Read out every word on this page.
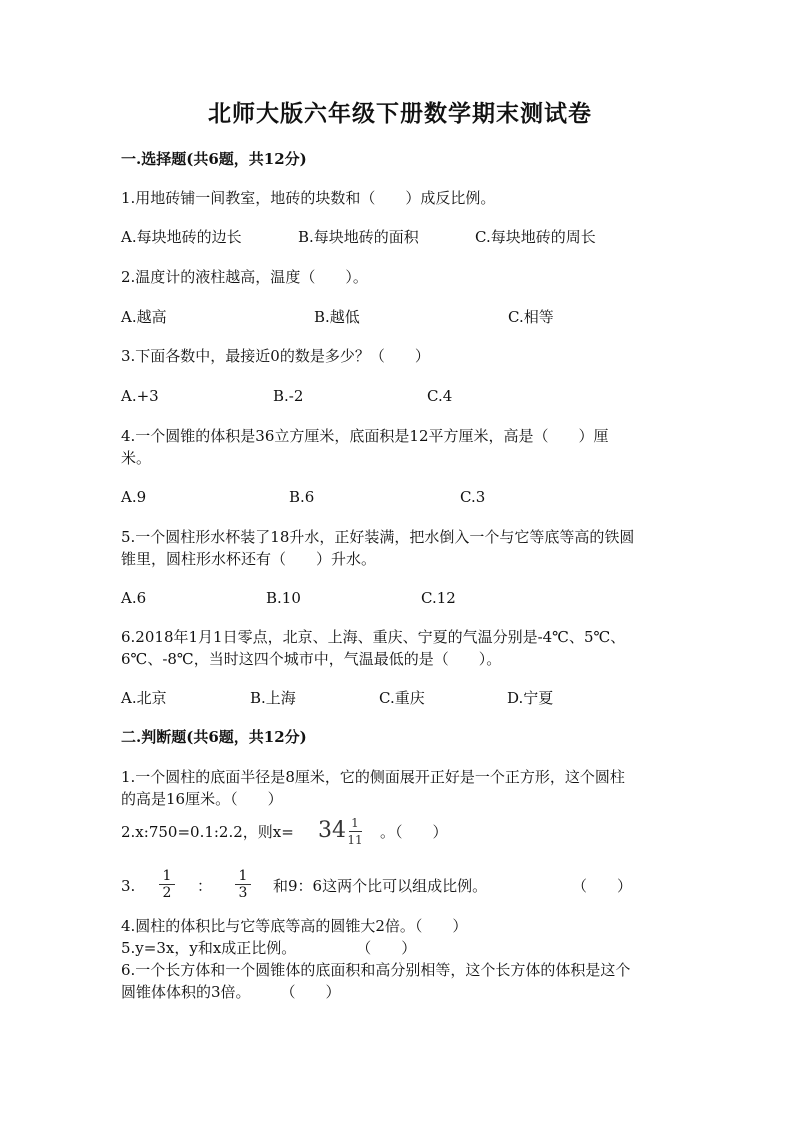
北师大版六年级下册数学期末测试卷
一.选择题(共6题，共12分)
1.用地砖铺一间教室，地砖的块数和（　　）成反比例。
A.每块地砖的边长	B.每块地砖的面积	C.每块地砖的周长
2.温度计的液柱越高，温度（　　）。
A.越高	B.越低	C.相等
3.下面各数中，最接近0的数是多少？（　　）
A.+3	B.-2	C.4
4.一个圆锥的体积是36立方厘米，底面积是12平方厘米，高是（　　）厘
米。
A.9	B.6	C.3
5.一个圆柱形水杯装了18升水，正好装满，把水倒入一个与它等底等高的铁圆
锥里，圆柱形水杯还有（　　）升水。
A.6	B.10	C.12
6.2018年1月1日零点，北京、上海、重庆、宁夏的气温分别是-4℃、5℃、
6℃、-8℃，当时这四个城市中，气温最低的是（　　）。
A.北京	B.上海	C.重庆	D.宁夏
二.判断题(共6题，共12分)
1.一个圆柱的底面半径是8厘米，它的侧面展开正好是一个正方形，这个圆柱
的高是16厘米。（　　）
2.x:750=0.1:2.2，则x= 34 1
11 。（　　）
3.
1
2 ：
1
3 和9：6这两个比可以组成比例。	（　　）
4.圆柱的体积比与它等底等高的圆锥大2倍。（　　）
5.y=3x，y和x成正比例。　　　　　（　　）
6.一个长方体和一个圆锥体的底面积和高分别相等，这个长方体的体积是这个
圆锥体体积的3倍。　　　（　　）
